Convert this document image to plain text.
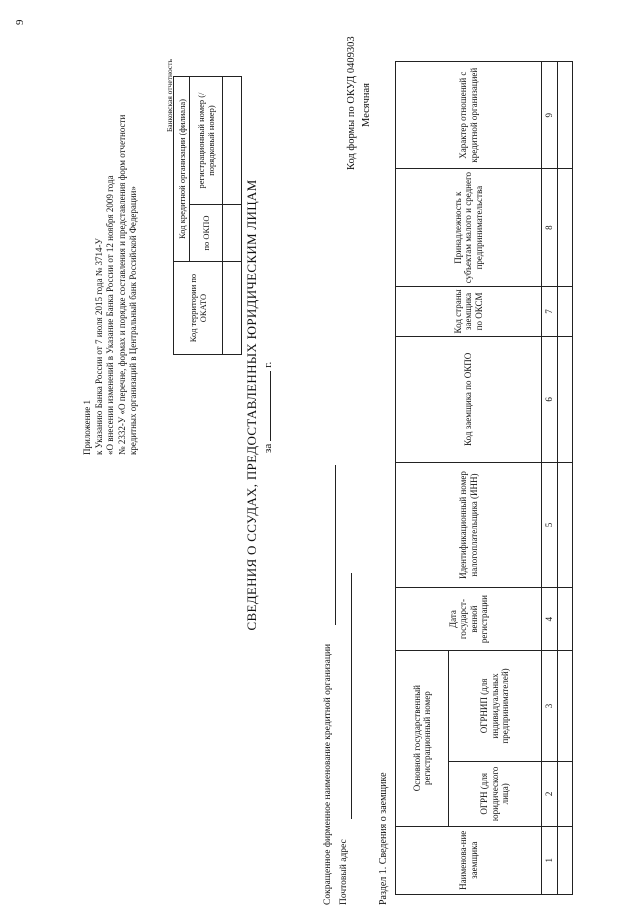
9
Приложение 1 к Указанию Банка России от 7 июля 2015 года № 3714-У «О внесении изменений в Указание Банка России от 12 ноября 2009 года № 2332-У «О перечне, формах и порядке составления и представления форм отчетности кредитных организаций в Центральный банк Российской Федерации»
Банковская отчетность
Код территории по ОКАТО	Код кредитной организации (филиала)	
	по ОКПО	регистрационный номер (/порядковый номер)

СВЕДЕНИЯ О ССУДАХ, ПРЕДОСТАВЛЕННЫХ ЮРИДИЧЕСКИМ ЛИЦАМ заг.
Сокращенное фирменное наименование кредитной организации Почтовый адрес
Код формы по ОКУД 0409303 Месячная
Раздел 1. Сведения о заемщике	Наименова-ние заемщика	Основной государственный регистрационный номер		Дата государст-венной регистрации	Идентификационный номер налогоплательщика (ИНН)	Код заемщика по ОКПО	Код страны заемщика по ОКСМ	Принадлежность к субъектам малого и среднего предпринимательства	Характер отношений с кредитной организацией
	ОГРН (для юридического лица)	ОГРНИП (для индивидуальных предпринимателей)						
1	2	3	4	5	6	7	8	9
